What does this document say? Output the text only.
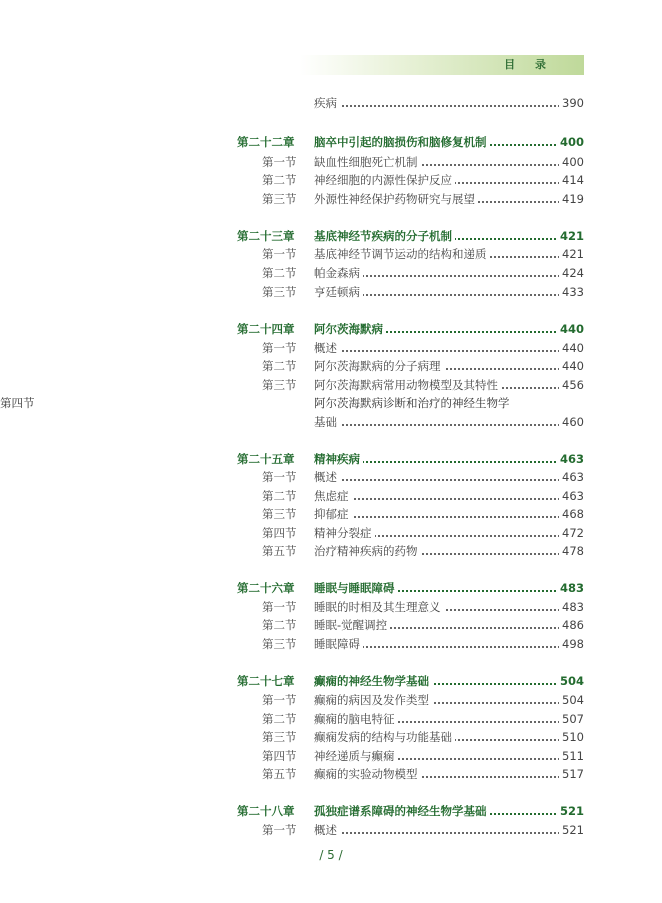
目 录
疾病	390
第二十二章 脑卒中引起的脑损伤和脑修复机制	400
第一节 缺血性细胞死亡机制	400
第二节 神经细胞的内源性保护反应	414
第三节 外源性神经保护药物研究与展望	419
第二十三章 基底神经节疾病的分子机制	421
第一节 基底神经节调节运动的结构和递质	421
第二节 帕金森病	424
第三节 亨廷顿病	433
第二十四章 阿尔茨海默病	440
第一节 概述	440
第二节 阿尔茨海默病的分子病理	440
第三节 阿尔茨海默病常用动物模型及其特性	456
第四节	阿尔茨海默病诊断和治疗的神经生物学
基础	460
第二十五章 精神疾病	463
第一节 概述	463
第二节 焦虑症	463
第三节 抑郁症	468
第四节 精神分裂症	472
第五节 治疗精神疾病的药物	478
第二十六章 睡眠与睡眠障碍	483
第一节 睡眠的时相及其生理意义	483
第二节 睡眠-觉醒调控	486
第三节 睡眠障碍	498
第二十七章 癫痫的神经生物学基础	504
第一节 癫痫的病因及发作类型	504
第二节 癫痫的脑电特征	507
第三节 癫痫发病的结构与功能基础	510
第四节 神经递质与癫痫	511
第五节 癫痫的实验动物模型	517
第二十八章 孤独症谱系障碍的神经生物学基础	521
第一节 概述	521
/ 5 /
